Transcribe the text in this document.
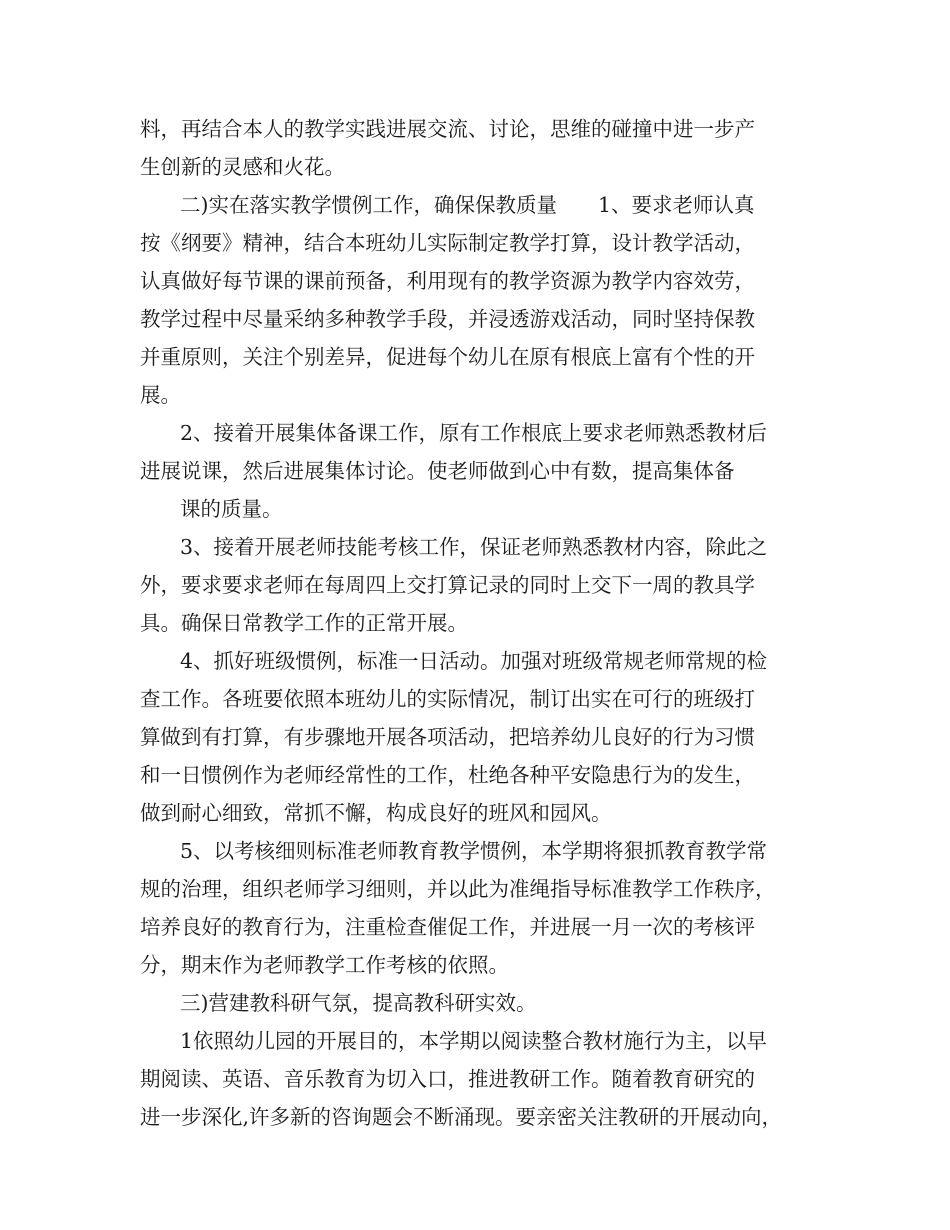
料，再结合本人的教学实践进展交流、讨论，思维的碰撞中进一步产

生创新的灵感和火花。

二)实在落实教学惯例工作，确保保教质量　　1、要求老师认真

按《纲要》精神，结合本班幼儿实际制定教学打算，设计教学活动，

认真做好每节课的课前预备，利用现有的教学资源为教学内容效劳，

教学过程中尽量采纳多种教学手段，并浸透游戏活动，同时坚持保教

并重原则，关注个别差异，促进每个幼儿在原有根底上富有个性的开

展。

2、接着开展集体备课工作，原有工作根底上要求老师熟悉教材后

进展说课，然后进展集体讨论。使老师做到心中有数，提高集体备

课的质量。

3、接着开展老师技能考核工作，保证老师熟悉教材内容，除此之

外，要求要求老师在每周四上交打算记录的同时上交下一周的教具学

具。确保日常教学工作的正常开展。

4、抓好班级惯例，标准一日活动。加强对班级常规老师常规的检

查工作。各班要依照本班幼儿的实际情况，制订出实在可行的班级打

算做到有打算，有步骤地开展各项活动，把培养幼儿良好的行为习惯

和一日惯例作为老师经常性的工作，杜绝各种平安隐患行为的发生，

做到耐心细致，常抓不懈，构成良好的班风和园风。

5、以考核细则标准老师教育教学惯例，本学期将狠抓教育教学常

规的治理，组织老师学习细则，并以此为准绳指导标准教学工作秩序，

培养良好的教育行为，注重检查催促工作，并进展一月一次的考核评

分，期末作为老师教学工作考核的依照。

三)营建教科研气氛，提高教科研实效。

1依照幼儿园的开展目的，本学期以阅读整合教材施行为主，以早

期阅读、英语、音乐教育为切入口，推进教研工作。随着教育研究的

进一步深化,许多新的咨询题会不断涌现。要亲密关注教研的开展动向，
